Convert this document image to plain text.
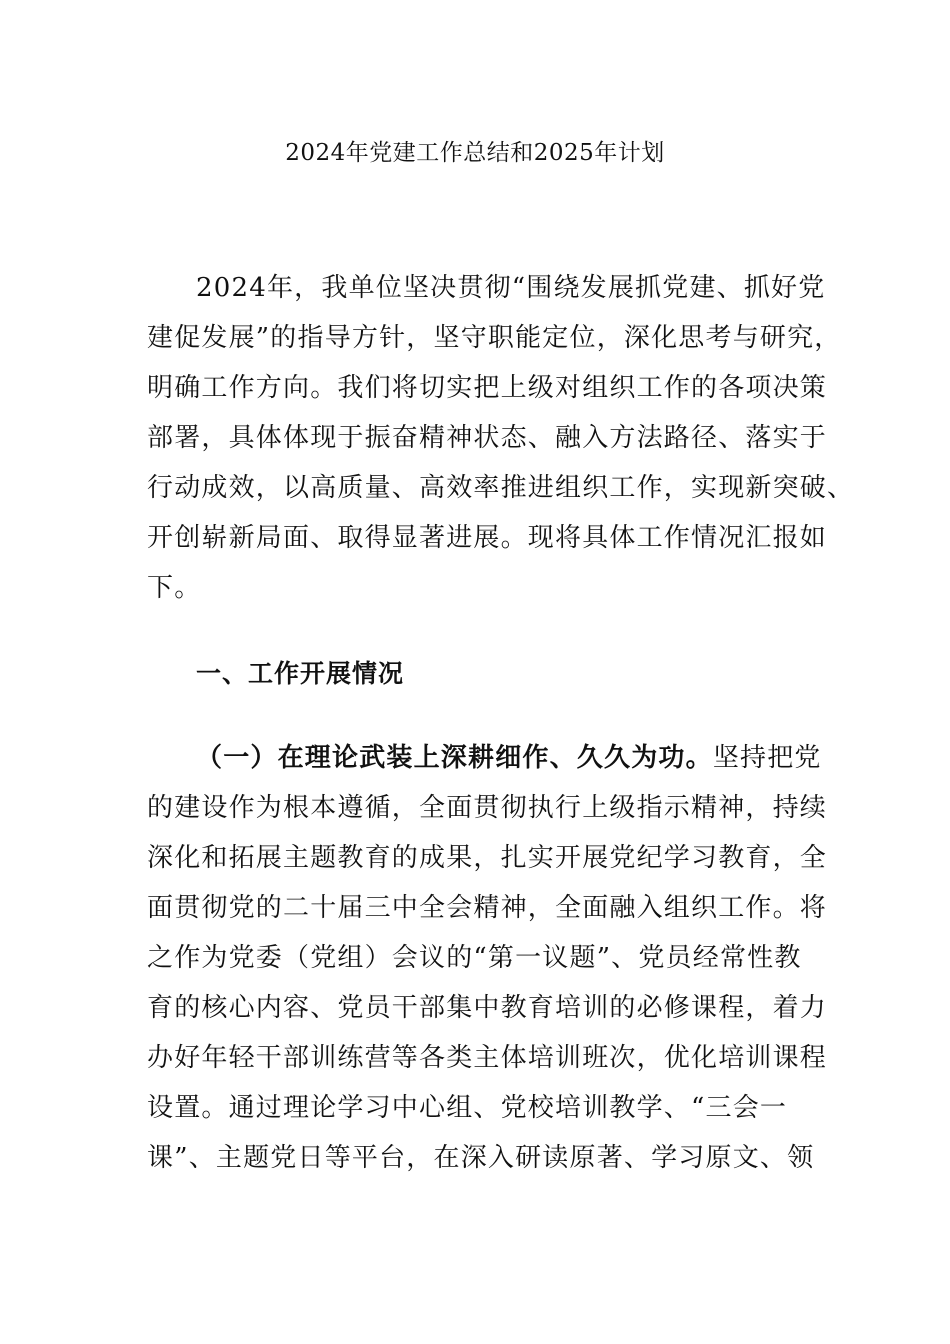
2024年党建工作总结和2025年计划
2024年，我单位坚决贯彻“围绕发展抓党建、抓好党
建促发展”的指导方针，坚守职能定位，深化思考与研究，
明确工作方向。我们将切实把上级对组织工作的各项决策
部署，具体体现于振奋精神状态、融入方法路径、落实于
行动成效，以高质量、高效率推进组织工作，实现新突破、
开创崭新局面、取得显著进展。现将具体工作情况汇报如
下。
一、工作开展情况
（一）在理论武装上深耕细作、久久为功。坚持把党
的建设作为根本遵循，全面贯彻执行上级指示精神，持续
深化和拓展主题教育的成果，扎实开展党纪学习教育，全
面贯彻党的二十届三中全会精神，全面融入组织工作。将
之作为党委（党组）会议的“第一议题”、党员经常性教
育的核心内容、党员干部集中教育培训的必修课程，着力
办好年轻干部训练营等各类主体培训班次，优化培训课程
设置。通过理论学习中心组、党校培训教学、“三会一
课”、主题党日等平台，在深入研读原著、学习原文、领
